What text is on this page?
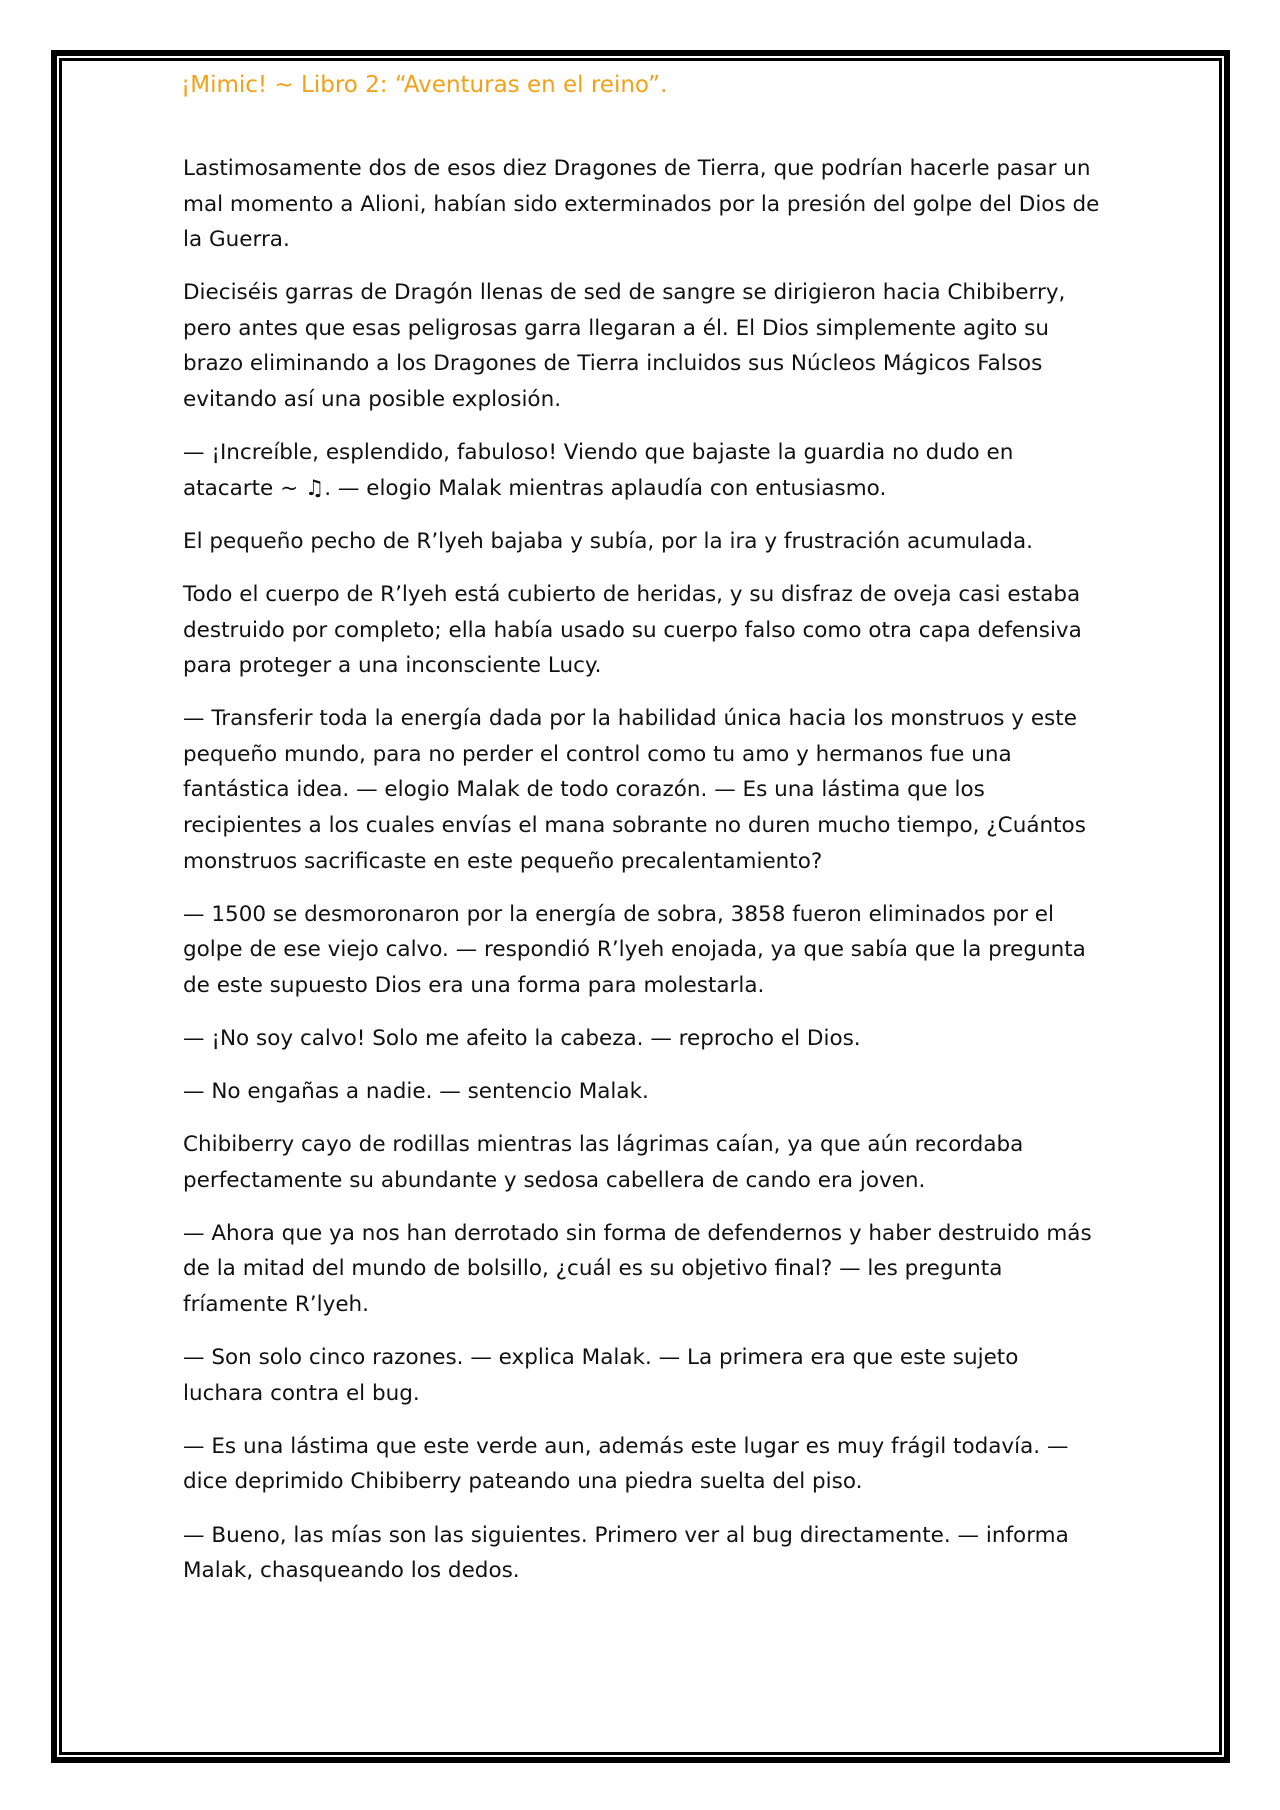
¡Mimic! ~ Libro 2: “Aventuras en el reino”.

Lastimosamente dos de esos diez Dragones de Tierra, que podrían hacerle pasar un mal momento a Alioni, habían sido exterminados por la presión del golpe del Dios de la Guerra.

Dieciséis garras de Dragón llenas de sed de sangre se dirigieron hacia Chibiberry, pero antes que esas peligrosas garra llegaran a él. El Dios simplemente agito su brazo eliminando a los Dragones de Tierra incluidos sus Núcleos Mágicos Falsos evitando así una posible explosión.

— ¡Increíble, esplendido, fabuloso! Viendo que bajaste la guardia no dudo en atacarte ~ ♫. — elogio Malak mientras aplaudía con entusiasmo.

El pequeño pecho de R’lyeh bajaba y subía, por la ira y frustración acumulada.

Todo el cuerpo de R’lyeh está cubierto de heridas, y su disfraz de oveja casi estaba destruido por completo; ella había usado su cuerpo falso como otra capa defensiva para proteger a una inconsciente Lucy.

— Transferir toda la energía dada por la habilidad única hacia los monstruos y este pequeño mundo, para no perder el control como tu amo y hermanos fue una fantástica idea. — elogio Malak de todo corazón. — Es una lástima que los recipientes a los cuales envías el mana sobrante no duren mucho tiempo, ¿Cuántos monstruos sacrificaste en este pequeño precalentamiento?

— 1500 se desmoronaron por la energía de sobra, 3858 fueron eliminados por el golpe de ese viejo calvo. — respondió R’lyeh enojada, ya que sabía que la pregunta de este supuesto Dios era una forma para molestarla.

— ¡No soy calvo! Solo me afeito la cabeza. — reprocho el Dios.

— No engañas a nadie. — sentencio Malak.

Chibiberry cayo de rodillas mientras las lágrimas caían, ya que aún recordaba perfectamente su abundante y sedosa cabellera de cando era joven.

— Ahora que ya nos han derrotado sin forma de defendernos y haber destruido más de la mitad del mundo de bolsillo, ¿cuál es su objetivo final? — les pregunta fríamente R’lyeh.

— Son solo cinco razones. — explica Malak. — La primera era que este sujeto luchara contra el bug.

— Es una lástima que este verde aun, además este lugar es muy frágil todavía. — dice deprimido Chibiberry pateando una piedra suelta del piso.

— Bueno, las mías son las siguientes. Primero ver al bug directamente. — informa Malak, chasqueando los dedos.
